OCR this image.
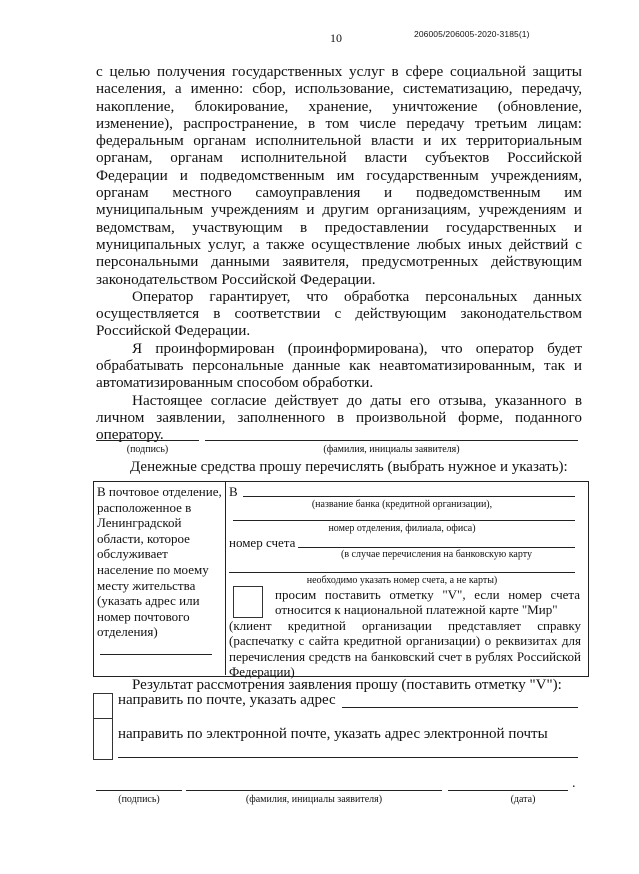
206005/206005-2020-3185(1)
10

с целью получения государственных услуг в сфере социальной защиты населения, а именно: сбор, использование, систематизацию, передачу, накопление, блокирование, хранение, уничтожение (обновление, изменение), распространение, в том числе передачу третьим лицам: федеральным органам исполнительной власти и их территориальным органам, органам исполнительной власти субъектов Российской Федерации и подведомственным им государственным учреждениям, органам местного самоуправления и подведомственным им муниципальным учреждениям и другим организациям, учреждениям и ведомствам, участвующим в предоставлении государственных и муниципальных услуг, а также осуществление любых иных действий с персональными данными заявителя, предусмотренных действующим законодательством Российской Федерации.

Оператор гарантирует, что обработка персональных данных осуществляется в соответствии с действующим законодательством Российской Федерации.

Я проинформирован (проинформирована), что оператор будет обрабатывать персональные данные как неавтоматизированным, так и автоматизированным способом обработки.

Настоящее согласие действует до даты его отзыва, указанного в личном заявлении, заполненного в произвольной форме, поданного оператору.

(подпись)	(фамилия, инициалы заявителя)
Денежные средства прошу перечислять (выбрать нужное и указать):
В почтовое отделение, расположенное в Ленинградской области, которое обслуживает население по моему месту жительства (указать адрес или номер почтового отделения)
В
(название банка (кредитной организации),
номер отделения, филиала, офиса)
номер счета
(в случае перечисления на банковскую карту
необходимо указать номер счета, а не карты)
просим поставить отметку "V", если номер счета относится к национальной платежной карте "Мир"
(клиент кредитной организации представляет справку (распечатку с сайта кредитной организации) о реквизитах для перечисления средств на банковский счет в рублях Российской Федерации)
Результат рассмотрения заявления прошу (поставить отметку "V"):
направить по почте, указать адрес
направить по электронной почте, указать адрес электронной почты
.
(подпись)	(фамилия, инициалы заявителя)	(дата)
